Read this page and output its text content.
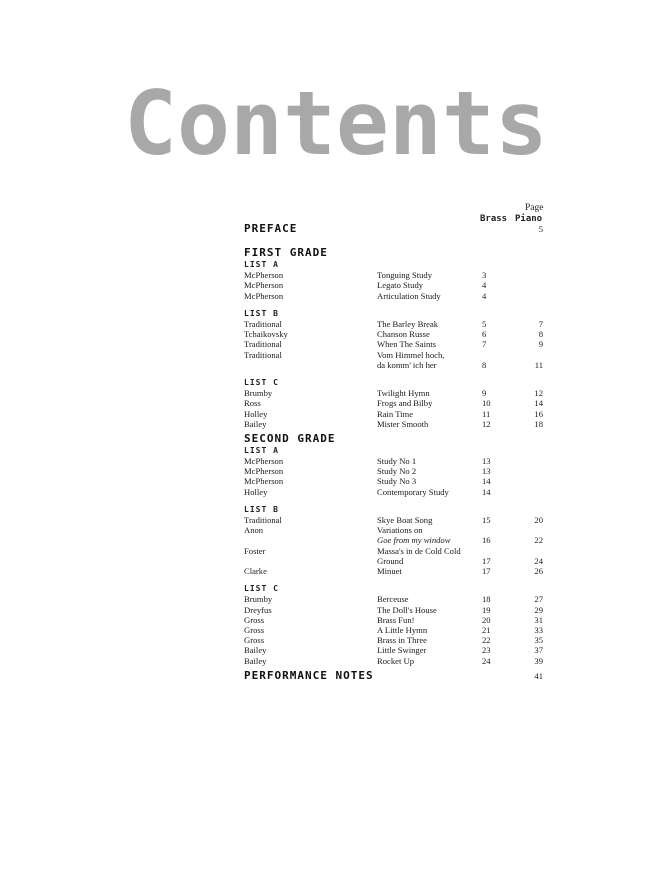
Contents
Page
Brass Piano
PREFACE	5
FIRST GRADE
LIST A
McPherson	Tonguing Study	3
McPherson	Legato Study	4
McPherson	Articulation Study	4
LIST B
Traditional	The Barley Break	5	7
Tchaikovsky	Chanson Russe	6	8
Traditional	When The Saints	7	9
Traditional	Vom Himmel hoch,
da komm' ich her	8	11
LIST C
Brumby	Twilight Hymn	9	12
Ross	Frogs and Bilby	10	14
Holley	Rain Time	11	16
Bailey	Mister Smooth	12	18
SECOND GRADE
LIST A
McPherson	Study No 1	13
McPherson	Study No 2	13
McPherson	Study No 3	14
Holley	Contemporary Study	14
LIST B
Traditional	Skye Boat Song	15	20
Anon	Variations on
Goe from my window	16	22
Foster	Massa's in de Cold Cold
Ground	17	24
Clarke	Minuet	17	26
LIST C
Brumby	Berceuse	18	27
Dreyfus	The Doll's House	19	29
Gross	Brass Fun!	20	31
Gross	A Little Hymn	21	33
Gross	Brass in Three	22	35
Bailey	Little Swinger	23	37
Bailey	Rocket Up	24	39
PERFORMANCE NOTES	41
